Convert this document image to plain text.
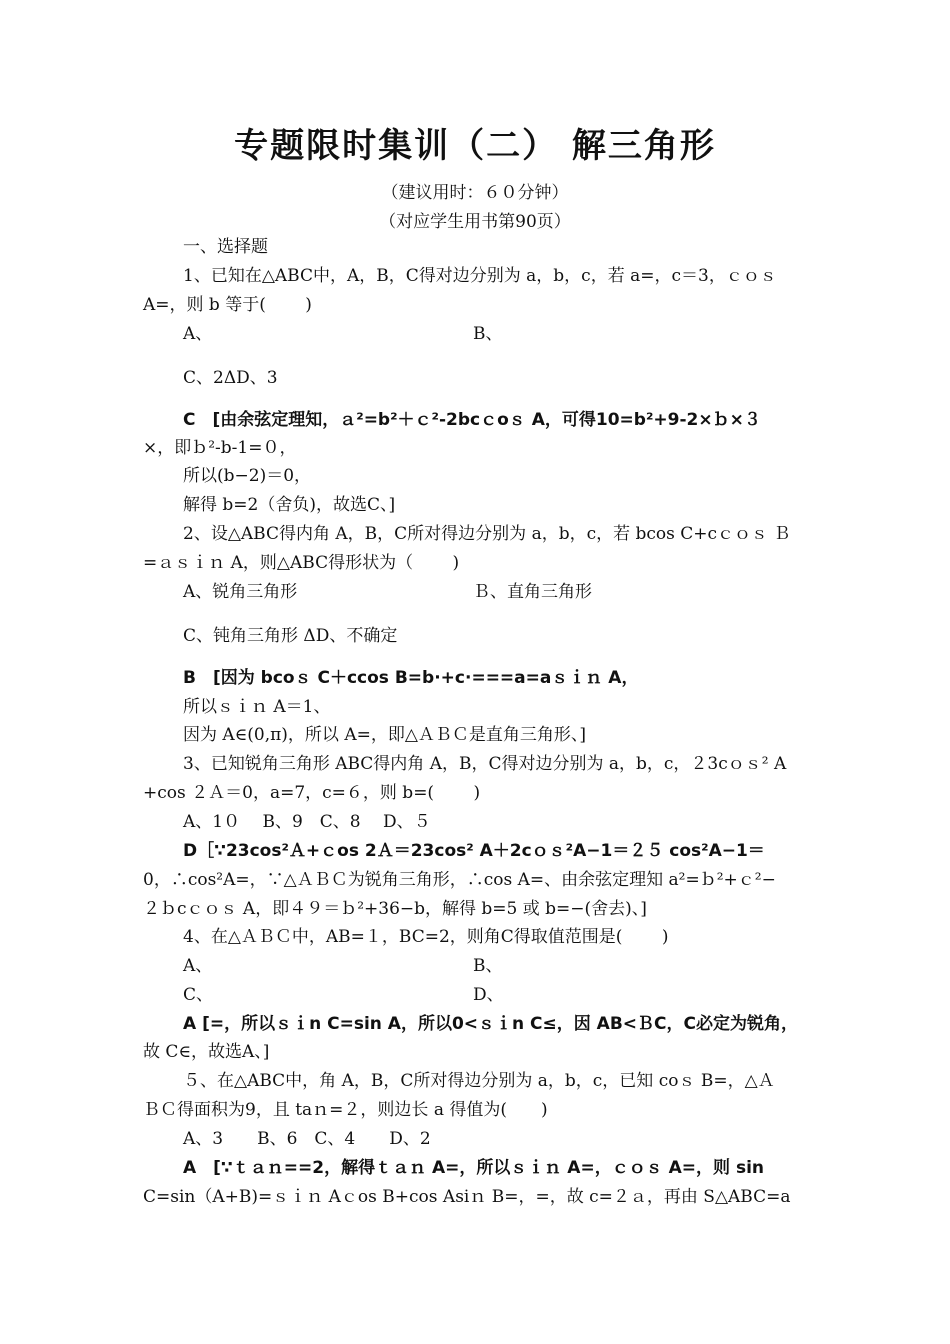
专题限时集训（二） 解三角形
（建议用时：６０分钟）
（对应学生用书第90页）
一、选择题
1、已知在△ABC中，A，B，C得对边分别为 a，b，c，若 a=，c＝3，ｃｏｓ
A=，则 b 等于(　　 )
A、	B、
C、2ΔD、3
C　[由余弦定理知，ａ²=b²＋ｃ²-2bcｃoｓ A，可得10=b²+9-2×ｂ×３
×，即ｂ²-b-1=０，
所以(b−2)＝0，
解得 b=2（舍负)，故选C、]
2、设△ABC得内角 A，B，C所对得边分别为 a，b，c，若 bcos C+cｃｏｓ Ｂ
=ａｓｉｎ A，则△ABC得形状为（　　 )
A、锐角三角形	Ｂ、直角三角形
C、钝角三角形 ΔD、不确定
B　[因为 bcoｓ C＋ccos B=b·+c·===a=aｓｉｎ A，
所以ｓｉｎ A＝1、
因为 A∈(0,π)，所以 A=，即△ＡＢＣ是直角三角形、]
3、已知锐角三角形 ABC得内角 A，B，C得对边分别为 a，b，c，２3cｏｓ² A
+cos ２Ａ＝0，a=7，c=６，则 b=(　　 )
A、1０　 B、9　C、8　 D、５
D［∵23cos²Ａ+ｃos 2Ａ＝23cos² A＋2cｏｓ²A−1＝２５ cos²A−1＝
0，∴cos²A=，∵△ＡＢＣ为锐角三角形，∴cos A=、由余弦定理知 a²=ｂ²+ｃ²−
２ｂcｃｏｓ A，即４９＝ｂ²+36−b，解得 b=5 或 b=−(舍去)、]
4、在△ＡＢＣ中，AB=１，BC=2，则角C得取值范围是(　　 )
A、	B、
C、	D、
A [=，所以ｓｉn C=sin A，所以0<ｓｉn C≤，因 AB<ＢC，C必定为锐角，
故 C∈，故选A、]
５、在△ABC中，角 A，B，C所对得边分别为 a，b，c，已知 coｓ B=，△Ａ
ＢＣ得面积为9，且 taｎ=２，则边长 a 得值为(　　)
A、3　　B、6　C、4　　D、2
A　[∵ｔａｎ==2，解得ｔａｎ A=，所以ｓｉｎ A=，ｃｏｓ A=，则 sin
C=sin（A+B)=ｓｉｎ Aｃos B+cos Asiｎ B=，=，故 c=２ａ，再由 S△ABC=a
